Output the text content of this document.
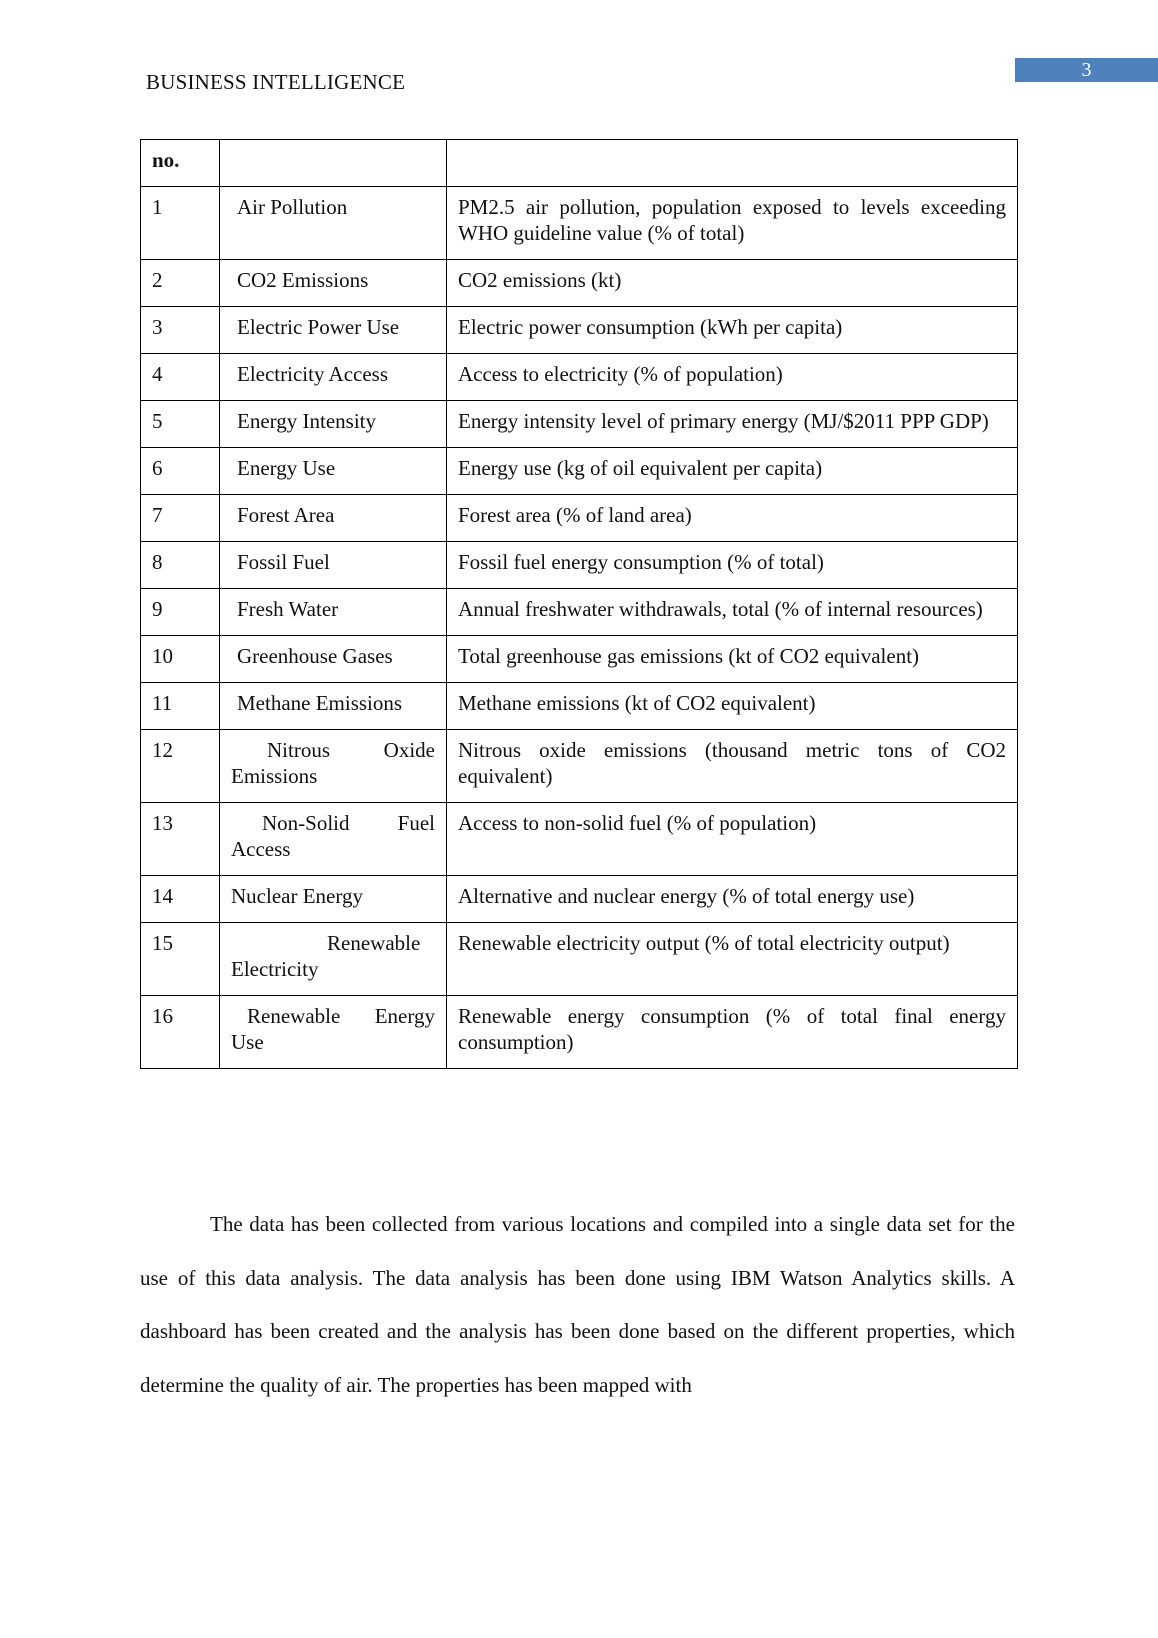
BUSINESS INTELLIGENCE	3
no.		
1	Air Pollution	PM2.5 air pollution, population exposed to levels exceeding WHO guideline value (% of total)
2	CO2 Emissions	CO2 emissions (kt)
3	Electric Power Use	Electric power consumption (kWh per capita)
4	Electricity Access	Access to electricity (% of population)
5	Energy Intensity	Energy intensity level of primary energy (MJ/$2011 PPP GDP)
6	Energy Use	Energy use (kg of oil equivalent per capita)
7	Forest Area	Forest area (% of land area)
8	Fossil Fuel	Fossil fuel energy consumption (% of total)
9	Fresh Water	Annual freshwater withdrawals, total (% of internal resources)
10	Greenhouse Gases	Total greenhouse gas emissions (kt of CO2 equivalent)
11	Methane Emissions	Methane emissions (kt of CO2 equivalent)
12	Nitrous Oxide Emissions	Nitrous oxide emissions (thousand metric tons of CO2 equivalent)
13	Non-Solid Fuel Access	Access to non-solid fuel (% of population)
14	Nuclear Energy	Alternative and nuclear energy (% of total energy use)
15	Renewable Electricity	Renewable electricity output (% of total electricity output)
16	Renewable Energy Use	Renewable energy consumption (% of total final energy consumption)

The data has been collected from various locations and compiled into a single data set for the use of this data analysis. The data analysis has been done using IBM Watson Analytics skills. A dashboard has been created and the analysis has been done based on the different properties, which determine the quality of air. The properties has been mapped with
